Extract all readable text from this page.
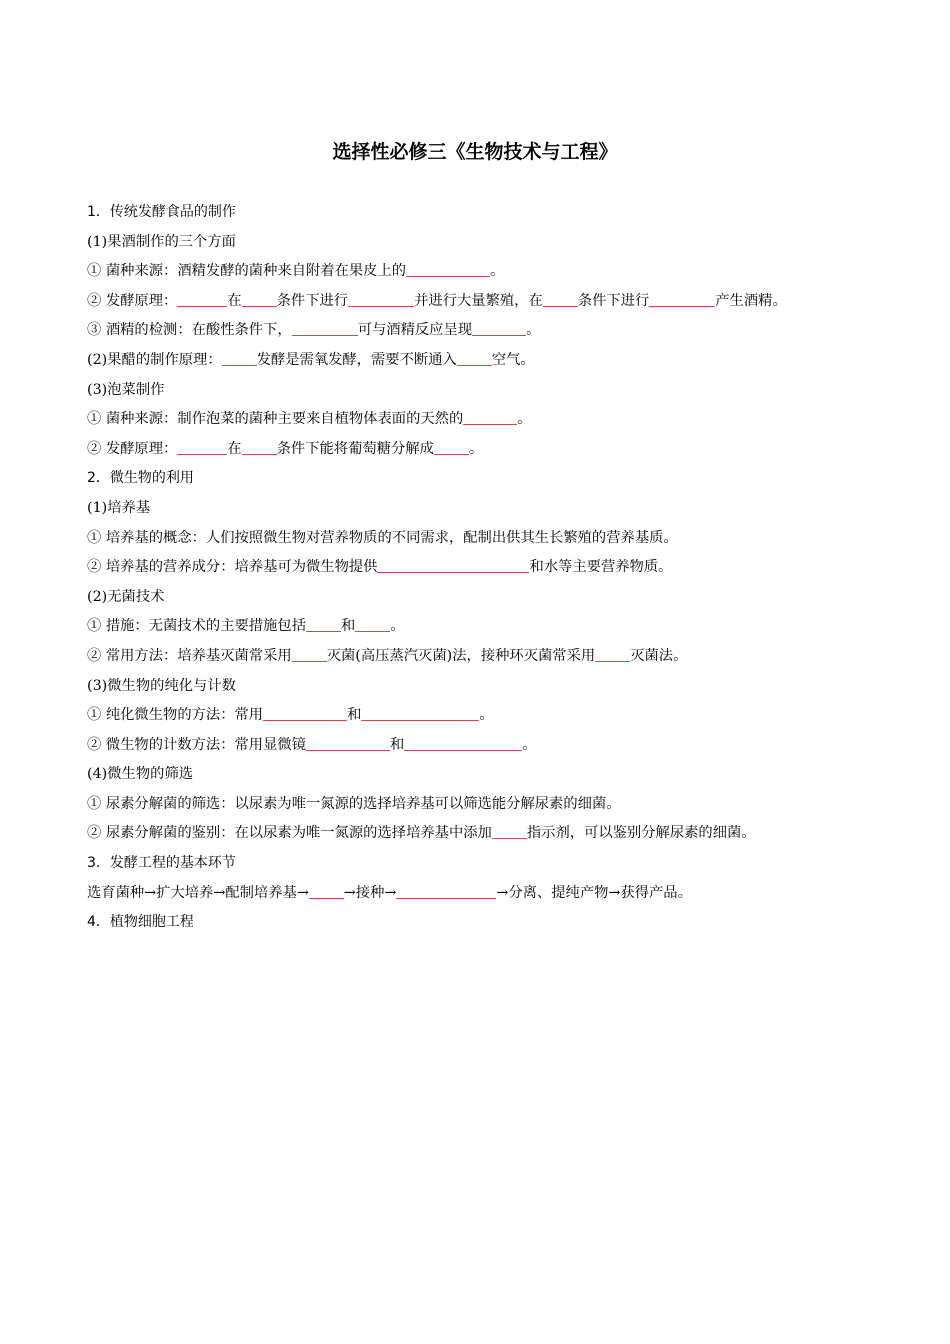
选择性必修三《生物技术与工程》
1．传统发酵食品的制作
(1)果酒制作的三个方面
① 菌种来源：酒精发酵的菌种来自附着在果皮上的	。
② 发酵原理：	在 条件下进行	并进行大量繁殖，在 条件下进行	产生酒精。
③ 酒精的检测：在酸性条件下，	可与酒精反应呈现	。
(2)果醋的制作原理： 发酵是需氧发酵，需要不断通入 空气。
(3)泡菜制作
① 菌种来源：制作泡菜的菌种主要来自植物体表面的天然的	。
② 发酵原理：	在 条件下能将葡萄糖分解成 。
2．微生物的利用
(1)培养基
① 培养基的概念：人们按照微生物对营养物质的不同需求，配制出供其生长繁殖的营养基质。
② 培养基的营养成分：培养基可为微生物提供	和水等主要营养物质。
(2)无菌技术
① 措施：无菌技术的主要措施包括 和 。
② 常用方法：培养基灭菌常采用 灭菌(高压蒸汽灭菌)法，接种环灭菌常采用 灭菌法。
(3)微生物的纯化与计数
① 纯化微生物的方法：常用	和	。
② 微生物的计数方法：常用显微镜	和	。
(4)微生物的筛选
① 尿素分解菌的筛选：以尿素为唯一氮源的选择培养基可以筛选能分解尿素的细菌。
② 尿素分解菌的鉴别：在以尿素为唯一氮源的选择培养基中添加 指示剂，可以鉴别分解尿素的细菌。
3．发酵工程的基本环节
选育菌种→扩大培养→配制培养基→ →接种→	→分离、提纯产物→获得产品。
4．植物细胞工程
